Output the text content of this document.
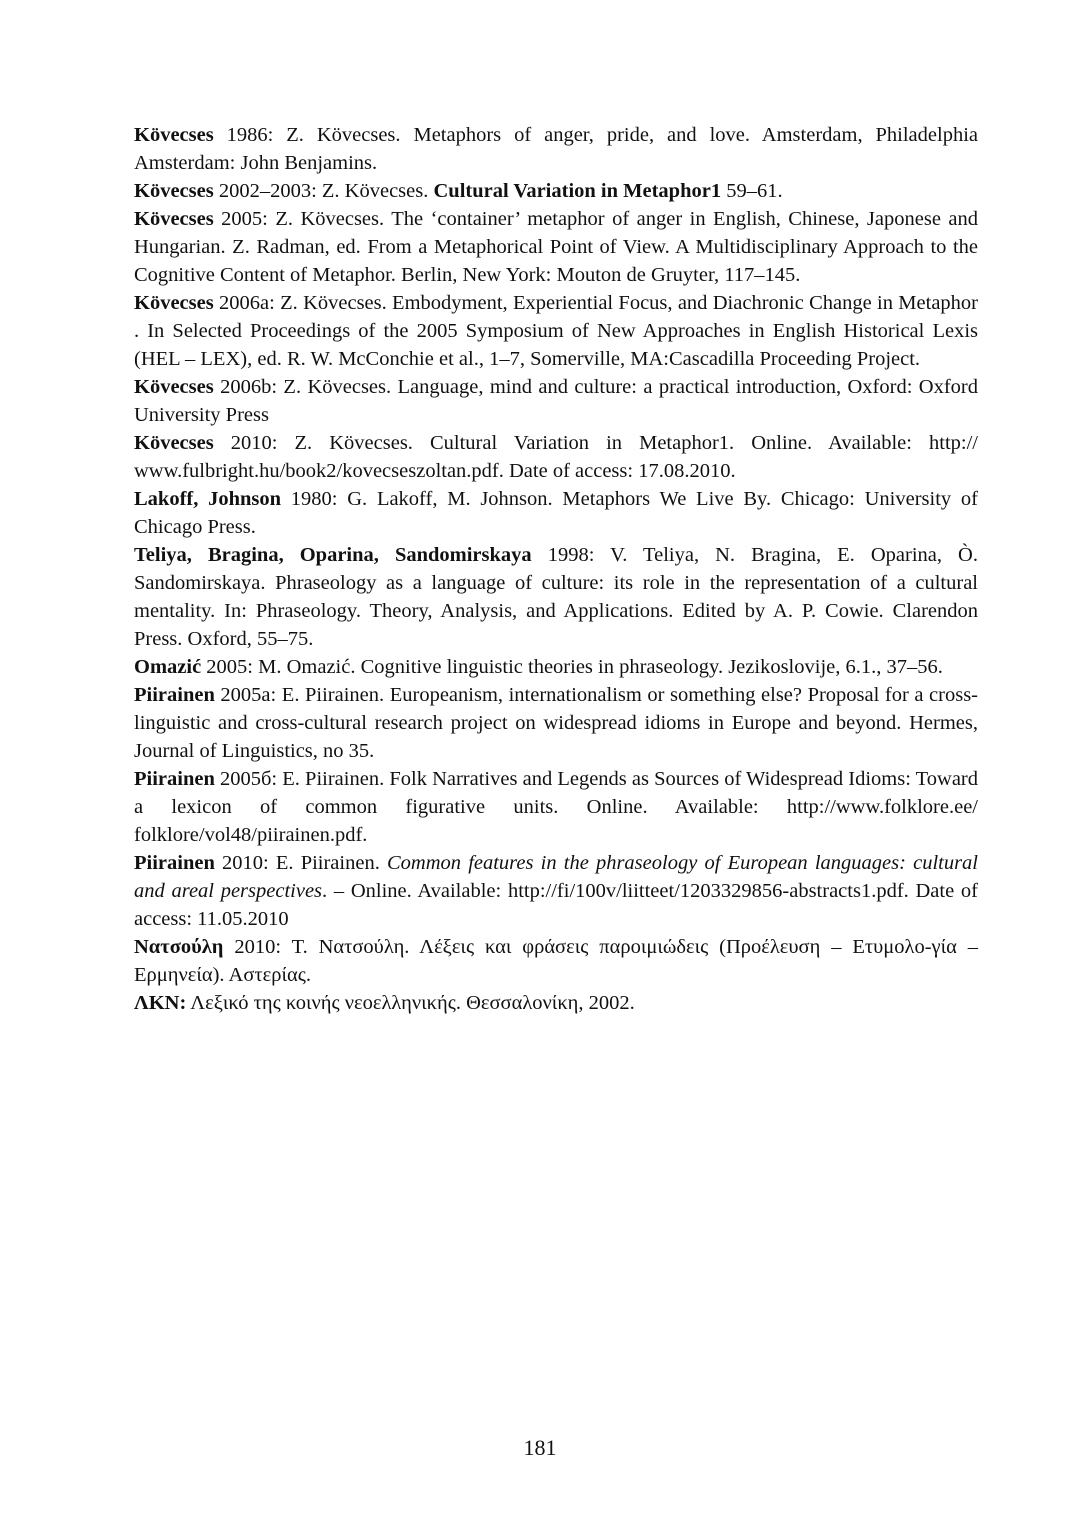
Kövecses 1986: Z. Kövecses. Metaphors of anger, pride, and love. Amsterdam, Philadelphia Amsterdam: John Benjamins.

Kövecses 2002–2003: Z. Kövecses. Cultural Variation in Metaphor1 59–61.

Kövecses 2005: Z. Kövecses. The ‘container’ metaphor of anger in English, Chinese, Japonese and Hungarian. Z. Radman, ed. From a Metaphorical Point of View. A Multidisciplinary Approach to the Cognitive Content of Metaphor. Berlin, New York: Mouton de Gruyter, 117–145.

Kövecses 2006a: Z. Kövecses. Embodyment, Experiential Focus, and Diachronic Change in Metaphor . In Selected Proceedings of the 2005 Symposium of New Approaches in English Historical Lexis (HEL – LEX), ed. R. W. McConchie et al., 1–7, Somerville, MA:Cascadilla Proceeding Project.

Kövecses 2006b: Z. Kövecses. Language, mind and culture: a practical introduction, Oxford: Oxford University Press

Kövecses 2010: Z. Kövecses. Cultural Variation in Metaphor1. Online. Available: http:// www.fulbright.hu/book2/kovecseszoltan.pdf. Date of access: 17.08.2010.

Lakoff, Johnson 1980: G. Lakoff, M. Johnson. Metaphors We Live By. Chicago: University of Chicago Press.

Teliya, Bragina, Oparina, Sandomirskaya 1998: V. Teliya, N. Bragina, E. Oparina, Ò. Sandomirskaya. Phraseology as a language of culture: its role in the representation of a cultural mentality. In: Phraseology. Theory, Analysis, and Applications. Edited by A. P. Cowie. Clarendon Press. Oxford, 55–75.

Omazić 2005: M. Omazić. Cognitive linguistic theories in phraseology. Jezikoslovije, 6.1., 37–56.

Piirainen 2005a: E. Piirainen. Europeanism, internationalism or something else? Proposal for a cross-linguistic and cross-cultural research project on widespread idioms in Europe and beyond. Hermes, Journal of Linguistics, no 35.

Piirainen 2005б: E. Piirainen. Folk Narratives and Legends as Sources of Widespread Idioms: Toward a lexicon of common figurative units. Online. Available: http://www.folklore.ee/ folklore/vol48/piirainen.pdf.

Piirainen 2010: E. Piirainen. Common features in the phraseology of European languages: cultural and areal perspectives. – Online. Available: http://fi/100v/liitteet/1203329856-abstracts1.pdf. Date of access: 11.05.2010

Νατσούλη 2010: Τ. Νατσούλη. Λέξεις και φράσεις παροιμιώδεις (Προέλευση – Ετυμολο-γία – Ερμηνεία). Αστερίας.

ΛΚΝ: Λεξικό της κοινής νεοελληνικής. Θεσσαλονίκη, 2002.

181
